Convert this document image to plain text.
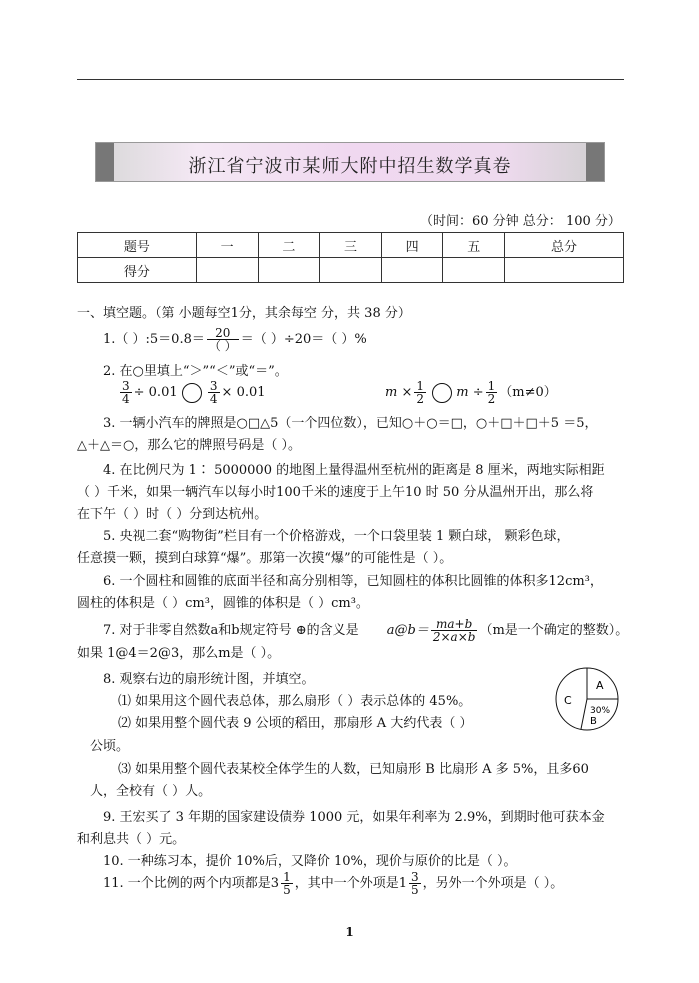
浙江省宁波市某师大附中招生数学真卷
（时间：60 分钟 总分： 100 分）
题号	一	二	三	四	五	总分
得分						
一、填空题。（第 小题每空1分，其余每空 分，共 38 分）
1.（ ）:5＝0.8＝ $\frac{20}{( )}$ ＝（ ）÷20＝（ ）%
2. 在○里填上“＞”“＜”或“＝”。
$\frac{3}{4} \div 0.01$	$\frac{3}{4} \times 0.01$	$m \times \frac{1}{2}$ $m \div \frac{1}{2} (m\ne 0)$
3. 一辆小汽车的牌照是○□△5（一个四位数），已知○＋○＝□，○＋□＋□＋5 ＝5，
△＋△＝○，那么它的牌照号码是（ ）。
4. 在比例尺为 1∶ 5000000 的地图上量得温州至杭州的距离是 8 厘米，两地实际相距
（ ）千米，如果一辆汽车以每小时100千米的速度于上午10 时 50 分从温州开出，那么将
在下午（ ）时（ ）分到达杭州。
5. 央视二套“购物街”栏目有一个价格游戏，一个口袋里装 1 颗白球， 颗彩色球，
任意摸一颗，摸到白球算“爆”。那第一次摸“爆”的可能性是（ ）。
6. 一个圆柱和圆锥的底面半径和高分别相等，已知圆柱的体积比圆锥的体积多12cm³，
圆柱的体积是（ ）cm³，圆锥的体积是（ ）cm³。
7. 对于非零自然数a和b规定符号 ⊕的含义是 a@b＝ $\frac{ma+b}{2\times a\times b} (m$是一个确定的整数）。
如果 1@4＝2@3，那么m是（ ）。
8. 观察右边的扇形统计图，并填空。
⑴ 如果用这个圆代表总体，那么扇形（ ）表示总体的 45%。
⑵ 如果用整个圆代表 9 公顷的稻田，那扇形 A 大约代表（ ）
公顷。
⑶ 如果用整个圆代表某校全体学生的人数，已知扇形 B 比扇形 A 多 5%，且多60
人，全校有（ ）人。
A
C
30%
B
9. 王宏买了 3 年期的国家建设债券 1000 元，如果年利率为 2.9%，到期时他可获本金
和利息共（ ）元。
10. 一种练习本，提价 10%后，又降价 10%，现价与原价的比是（ ）。
11. 一个比例的两个内项都是$3 \frac{1}{5}$ ，其中一个外项是$1 \frac{3}{5}$ ，另外一个外项是（ ）。
1
